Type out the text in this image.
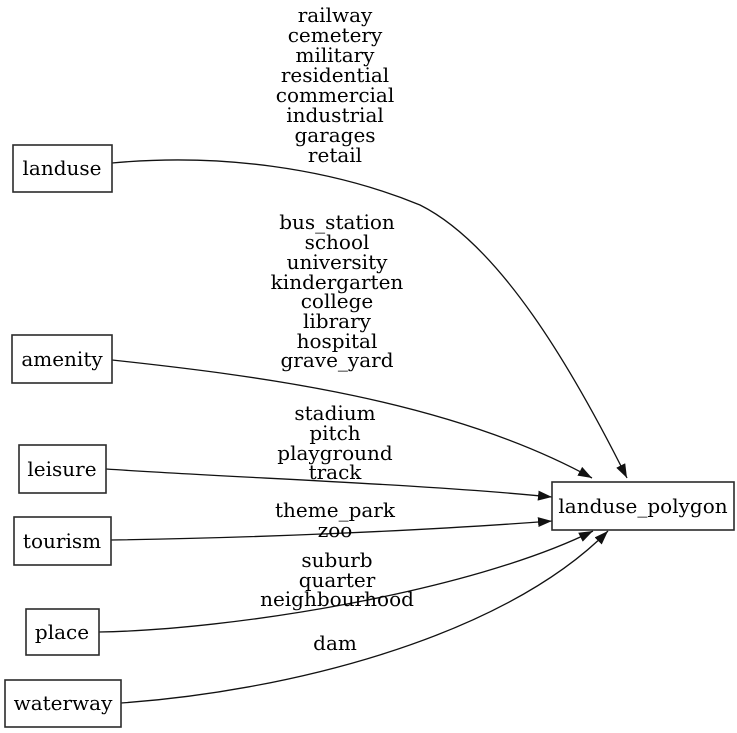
railway
cemetery
military
residential
commercial
industrial
garages
retail
bus_station
school
university
kindergarten
college
library
hospital
grave_yard
stadium
pitch
playground
track
theme_park
zoo
suburb
quarter
neighbourhood
dam
landuse
amenity
leisure
tourism
place
waterway
landuse_polygon
